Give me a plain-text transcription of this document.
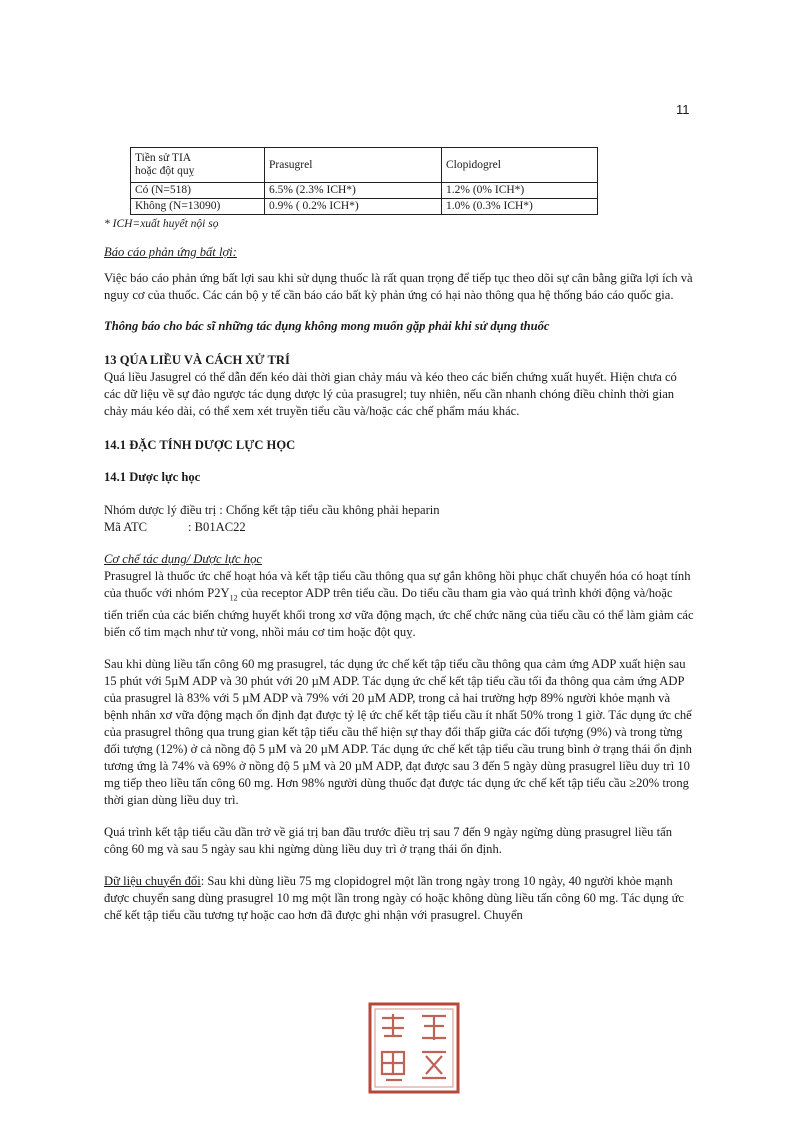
11
Tiền sử TIA
hoặc đột quỵ	Prasugrel	Clopidogrel
Có (N=518)	6.5% (2.3% ICH*)	1.2% (0% ICH*)
Không (N=13090)	0.9% ( 0.2% ICH*)	1.0% (0.3% ICH*)
* ICH=xuất huyết nội sọ

Báo cáo phản ứng bất lợi:

Việc báo cáo phản ứng bất lợi sau khi sử dụng thuốc là rất quan trọng để tiếp tục theo dõi sự cân bằng giữa lợi ích và nguy cơ của thuốc. Các cán bộ y tế cần báo cáo bất kỳ phản ứng có hại nào thông qua hệ thống báo cáo quốc gia.

Thông báo cho bác sĩ những tác dụng không mong muốn gặp phải khi sử dụng thuốc

13 QÚA LIỀU VÀ CÁCH XỬ TRÍ

Quá liều Jasugrel có thể dẫn đến kéo dài thời gian chảy máu và kéo theo các biến chứng xuất huyết. Hiện chưa có các dữ liệu về sự đảo ngược tác dụng dược lý của prasugrel; tuy nhiên, nếu cần nhanh chóng điều chỉnh thời gian chảy máu kéo dài, có thể xem xét truyền tiểu cầu và/hoặc các chế phẩm máu khác.

14.1 ĐẶC TÍNH DƯỢC LỰC HỌC

14.1 Dược lực học

Nhóm dược lý điều trị : Chống kết tập tiểu cầu không phải heparin

Mã ATC	: B01AC22

Cơ chế tác dụng/ Dược lực học

Prasugrel là thuốc ức chế hoạt hóa và kết tập tiểu cầu thông qua sự gắn không hồi phục chất chuyển hóa có hoạt tính của thuốc với nhóm $P2Y_{12}$ của receptor ADP trên tiểu cầu. Do tiểu cầu tham gia vào quá trình khởi động và/hoặc tiến triển của các biến chứng huyết khối trong xơ vữa động mạch, ức chế chức năng của tiểu cầu có thể làm giảm các biến cố tim mạch như tử vong, nhồi máu cơ tim hoặc đột quỵ.

Sau khi dùng liều tấn công 60 mg prasugrel, tác dụng ức chế kết tập tiểu cầu thông qua cảm ứng ADP xuất hiện sau 15 phút với 5µM ADP và 30 phút với 20 µM ADP. Tác dụng ức chế kết tập tiểu cầu tối đa thông qua cảm ứng ADP của prasugrel là 83% với 5 µM ADP và 79% với 20 µM ADP, trong cả hai trường hợp 89% người khỏe mạnh và bệnh nhân xơ vữa động mạch ổn định đạt được tỷ lệ ức chế kết tập tiểu cầu ít nhất 50% trong 1 giờ. Tác dụng ức chế của prasugrel thông qua trung gian kết tập tiểu cầu thể hiện sự thay đổi thấp giữa các đối tượng (9%) và trong từng đối tượng (12%) ở cả nồng độ 5 µM và 20 µM ADP. Tác dụng ức chế kết tập tiểu cầu trung bình ở trạng thái ổn định tương ứng là 74% và 69% ở nồng độ 5 µM và 20 µM ADP, đạt được sau 3 đến 5 ngày dùng prasugrel liều duy trì 10 mg tiếp theo liều tấn công 60 mg. Hơn 98% người dùng thuốc đạt được tác dụng ức chế kết tập tiểu cầu ≥20% trong thời gian dùng liều duy trì.

Quá trình kết tập tiểu cầu dần trở về giá trị ban đầu trước điều trị sau 7 đến 9 ngày ngừng dùng prasugrel liều tấn công 60 mg và sau 5 ngày sau khi ngừng dùng liều duy trì ở trạng thái ổn định.

Dữ liệu chuyển đổi: Sau khi dùng liều 75 mg clopidogrel một lần trong ngày trong 10 ngày, 40 người khỏe mạnh được chuyển sang dùng prasugrel 10 mg một lần trong ngày có hoặc không dùng liều tấn công 60 mg. Tác dụng ức chế kết tập tiểu cầu tương tự hoặc cao hơn đã được ghi nhận với prasugrel. Chuyển
